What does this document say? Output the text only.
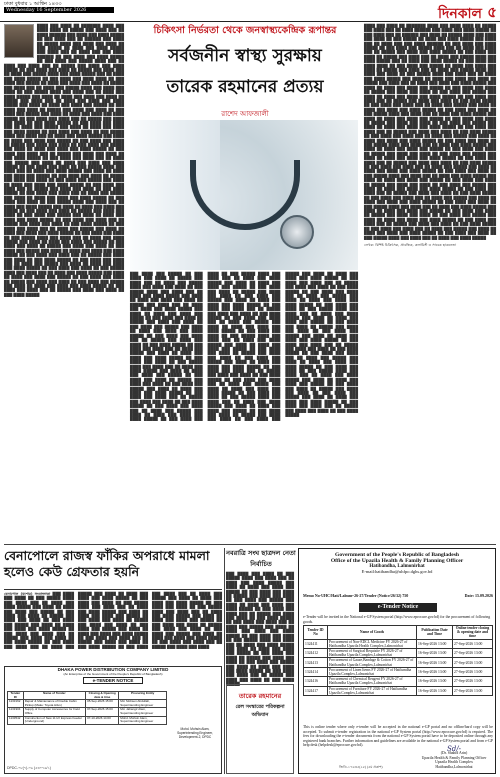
ঢাকা বুধবার ১ আশ্বিন ১৪৩৩

Wednesday 16 September 2026	দিনকাল ৫
████ ███ ████ ██ ███████ ████ ███ ████ ████ ██ █████ ███ ████ ███ ██ ████ ██████ ███ ████ ███ ████ █████ ██ ███ ████ ███ ██ ██████ ███ ████ ██ █████ ████ ███ ████ ███ ████ ██ ███ █████ ██ ████ ███ ████ █████ ███ ████ ███ ██ ████ ███ ███ ████ ██████ ██ ███ ████ ███ ████ █████ ██ ███ ████ ███ █████ ████ ███ ██ ████ ███ ████ ███ ██ █████ ███ ████ ███ ████ █████ ██ ███ ████ ███ ████ ██ █████ ███ ████ ███ ██ ████ ███ █████ ████ ███ ████ █████ ███ ██ ████ ███ ████ █████ ██ ███ ████ ███ ████ ████ ██ ███ ████ ███ █████ ██ ████ ███ ████ ███ ████ ██ █████ ███ ████ ███ ██ ████ ███ █████ ████ ███ ████ ███ ████ ██ ███ █████ ████ ███ ████ ███ ██ ████ ███ ████ █████ ███ ████ ██ ████ ███ ████ ███ ████ ██ █████ ███ ████ ███ ██ ████ ███ ████ ███ ████ █████ ███ ████ ██ ████ ███ ████ ███ █████ ██ ███ ████ ███ ████ ██ █████ ███ ████ ███ ████ ██ ███ ████ ███ █████ ███ ████ ██ ████ ███ ████ ███ ████ █████ ██ ███ ████ ███ ████ ███ ██ █████ ███ ████ ███ ████ ██ ███ ████ █████ ██ ███ ████ ███ ████ ███ ██ ████ ███ █████ ███ ████ ██ ████ ███ ████ ███ ████ █████ ██ ███ ████ ███ ████ ██ ███ █████ ████ ███ ████ ███ ██ ████ ███ ████ █████ ███ ████ ██ ████ ███ ████ ███ █████ ██ ███ ████ ███ ████ ██ █████ ███ ████ ███ ████ ██ ███ ████ ███ █████ ███ ████ ██ ████ ███ ████ ███ ████ █████ ██ ███ ████ ███ ████ ███ ██ █████ ███ ████ ███ ████ ██ ███ ████ █████ ██ ███ ████ ███ ████ ███ ██ ████ ███ █████ ███ ████ ██ ████ ███ ████ ███ ████ █████ ██ ███ ████ ███ ████ ██ ███ █████ ████ ███ ████ ███ ██ ████ ███ ████ █████ ███ ████ ██ ████ ███ ████ ███ █████ ██ ███ ████ ███ ████ ██ █████ ███ ████ ███ ████ ██ ███ ████ ███ █████ ███ ████ ██ ████ ███ ████ ███ ████ █████ ██ ███ ████ ███ ████ ███ ██ █████ ███ ████ ███ ████ ██ ███ ████ █████ ██ ███ ████ ███ ████ ███ ██ ████ ███ █████ ███ ████ ██ ████ ███ ████ ███ ████ █████ ██ ███ ████ ███ ████ ██ ███ █████ ████ ███ ████ ███ ██ ████ ███ ████ █████ ███ ████ ██ ████ ███ ████ ███ █████ ██ ███ ████ ███ ████ ██ █████ ███ ████ ███ ████ ██ ███ ████ ███ █████ ███ ████ ██ ████ ███ ████ ███ ████ █████ ██ ███ ████ ███ ████ ███ ██ █████ ███ ████ ███ ████ ██ ███ ████ █████ ██ ███ ████ ███ ████ ███ ██ ████ ███ █████ ███ ████ ██ ████ ███ ████ ███ ████ █████ ██ ███ ████ ███ ████ ██ ███ █████ ████ ███ ████ ███ ██ ████ ███ ████ █████ ███ ████ ██ ████ ███ ████ ███ █████ ██ ███ ████ ███ ████ ██ █████ ███ ████ ███ ████ ██ ███ ████ ███ █████ ███ ████ ██ ████ ███ ████ ███ ████ █████ ██ ███ ████ ███ ████ ███ ██ █████ ███ ████ ███ ████ ██ ███ ████ █████ ██ ███ ████ ███ ████ ███ ██ ████ ███ █████ ███ ████ ██ ████ ███ ████ ███ ████ █████ ██ ███ ████ ███ ████ ██ ███ █████ ████ ███ ████ ███ ██ ████ ███ ████ █████ ███ ████ ██ ████ ███ ████ ███ █████ ██ ███ ████ ███ ████ ██ █████ ███ ████ ███ ████ ██ ███ ████ ███ █████ ███ ████ ██ ████ ███ ████ ███ ████ █████ ██ ███ ████ ███ ████ ███ ██ █████ ███ ████ ███ ████ ██ ███ ████ █████
চিকিৎসা নির্ভরতা থেকে জনস্বাস্থ্যকেন্দ্রিক রূপান্তর
সর্বজনীন স্বাস্থ্য সুরক্ষায়
তারেক রহমানের প্রত্যয়
রাশেদ আফজালী
███ ████ ███ █████ ██ ███ ████ ███ ████ ██ █████ ███ ████ ███ ██ ████ ███ █████ ████ ███ ████ ███ ████ ██ ███ █████ ████ ███ ████ ███ ██ ████ ███ ████ █████ ███ ████ ██ ████ ███ ████ ███ ████ ██ █████ ███ ████ ███ ██ ████ ███ ████ ███ ████ █████ ███ ████ ██ ████ ███ ████ ███ █████ ██ ███ ████ ███ ████ ██ █████ ███ ████ ███ ████ ██ ███ ████ ███ █████ ███ ████ ██ ████ ███ ████ ███ ████ █████ ██ ███ ████ ███ ████ ███ ██ █████ ███ ████ ███ ████ ██ ███ ████ █████ ██ ███ ████ ███ ████ ███ ██ ████ ███ █████ ███ ████ ██ ████ ███ ████ ███ ████ █████ ██ ███ ████ ███ ████ ██ ███ █████ ████ ███ ████ ███ ██ ████ ███ ████ █████ ███ ████ ██ ████ ███ ████ ███ █████ ██ ███ ████ ███ ████ ██ █████ ███ ████ ███ ████ ██ ███ ████ ███ █████ ███ ████ ██ ████ ███ ████ ███ ████ █████ ██ ███ ████ ███ ████ ███ ██ █████ ███ ████ ███ ████ ██ ███ ████ █████ ██ ███ ████ ███ ████ ███ ██ ████ ███ █████ ███ ████ ██ ████ ███ ████ ███ ████ █████ ██ ███ ████ ███ ████ ██ ███ █████ ████ ███ ████ ███ ██ ████ ███ ████ █████ ███ ████ ██ ████ ███ ████ ███ █████ ██ ███ ████ ███ ████ ██ █████ ███ ████ ███ ████ ██ ███ ████ ███ █████ ███ ████ ██ ████ ███ ████ ███ ████ █████ ██ ███ ████ ███ ████ ███ ██ █████ ███ ████ ███ ████ ██ ███ ████ █████ ██ ███ ████ ███ ████ ███ ██ ████ ███ █████ ███ ████ ██ ████ ███ ████ ███ ████ █████ ██ ███ ████ ███ ████ ██ ███ █████ ████ ███ ████ ███ ██ ████ ███ ████ █████ ███ ████ ██ ████ ███ ████ ███ █████ ██ ███ ████ ███ ████ ██ █████ ███ ████ ███ ████ ██ ███ ████ ███ █████ ███ ████ ██ ████ ███ ████ ███ ████ █████ ██ ███ ████ ███ ████ ███ ██ █████ ███ ████ ███ ████ ██ ███ ████ █████ ██ ███ ████ ███ ████ ███ ██ ████ ███ █████ ███ ████ ██ ████ ███ ████ ███ ████ █████ ██ ███ ████ ███ ████ ██ ███ █████ ████ ███ ████ ███ ██ ████ ███ ████ █████ ███ ████ ██ ████ ███ ████ ███ █████ ██ ███ ████ ███ ████ ██ █████ ███ ████ ███ ████ ██ ███ ████ ███ █████ ███ ████ ██ ████ ███ ████ ███ ████ █████ ██ ███ ████ ███ ████ ███ ██ █████ ███ ████ ███ ████ ██ ███ ████ █████ ██ ███ ████ ███ ████ ███ ██ ████ ███ █████ ███ ████ ██ ████ ███ ████ ███ ████ █████ ██ ███ ████ ███ ████ ██ ███ █████ ████ ███ ████ ███ ██ ████ ███ ████ █████ ███ ████ ██ ████ ███ ████ ███ █████ ██ ███ ████ ███ ████ ██ █████ ███ ████ ███ ████ ██ ███ ████ ███ █████ ███ ████ ██ ████ ███ ████ ███ ████ █████ ██ ███ ████ ███ ████ ███ ██ █████ ███ ████ ███ ████ ██ ███ ████ █████ ██ ███ ████ ███ ████ ███ ██ ████ ███ █████ ███ ████ ██ ████ ███ ████ ███ ████ █████ ██ ███ ████ ███ ████ ██ ███ █████ ████ ███ ████ ███ ██ ████ ███ ████ █████ ███ ████ ██ ████ ███ ████ ███ █████ ██ ███ ████ ███ ████ ██ █████ ███ ████ ███ ████ ██ ███ ████ ███ █████ ███ ████ ██ ████ ███ ████ ███ ████ █████ ██ ███ ████ ███ ████ ███ ██ █████ ███ ████ ███ ████ ██ ███ ████ █████
████ ███ ████ ██ ███████ ████ ███ ████ ████ ██ █████ ███ ████ ███ ██ ████ ██████ ███ ████ ███ ████ █████ ██ ███ ████ ███ ██ ██████ ███ ████ ██ █████ ████ ███ ████ ███ ████ ██ ███ █████ ██ ████ ███ ████ █████ ███ ████ ███ ██ ████ ███ ███ ████ ██████ ██ ███ ████ ███ ████ █████ ██ ███ ████ ███ █████ ████ ███ ██ ████ ███ ████ ███ ██ █████ ███ ████ ███ ████ █████ ██ ███ ████ ███ ████ ██ █████ ███ ████ ███ ██ ████ ███ █████ ████ ███ ████ █████ ███ ██ ████ ███ ████ █████ ██ ███ ████ ███ ████ ████ ██ ███ ████ ███ █████ ██ ████ ███ ████ ███ ████ ██ █████ ███ ████ ███ ██ ████ ███ █████ ████ ███ ████ ███ ████ ██ ███ █████ ████ ███ ████ ███ ██ ████ ███ ████ █████ ███ ████ ██ ████ ███ ████ ███ ████ ██ █████ ███ ████ ███ ██ ████ ███ ████ ███ ████ █████ ███ ████ ██ ████ ███ ████ ███ █████ ██ ███ ████ ███ ████ ██ █████ ███ ████ ███ ████ ██ ███ ████ ███ █████ ███ ████ ██ ████ ███ ████ ███ ████ █████ ██ ███ ████ ███ ████ ███ ██ █████ ███ ████ ███ ████ ██ ███ ████ █████ ██ ███ ████ ███ ████ ███ ██ ████ ███ █████ ███ ████ ██ ████ ███ ████ ███ ████ █████ ██ ███ ████ ███ ████ ██ ███ █████ ████ ███ ████ ███ ██ ████ ███ ████ █████ ███ ████ ██ ████ ███ ████ ███ █████ ██ ███ ████ ███ ████ ██ █████ ███ ████ ███ ████ ██ ███ ████ ███ █████ ███ ████ ██ ████ ███ ████ ███ ████ █████ ██ ███ ████ ███ ████ ███ ██ █████ ███ ████ ███ ████ ██ ███ ████ █████ ██ ███ ████ ███ ████ ███ ██ ████ ███ █████ ███ ████ ██ ████ ███ ████ ███ ████ █████ ██ ███ ████ ███ ████ ██ ███ █████ ████ ███ ████ ███ ██ ████ ███ ████ █████ ███ ████ ██ ████ ███ ████ ███ █████ ██ ███ ████ ███ ████ ██ █████ ███ ████ ███ ████ ██ ███ ████ ███ █████ ███ ████ ██ ████ ███ ████ ███ ████ █████ ██ ███ ████ ███ ████ ███ ██ █████ ███ ████ ███ ████ ██ ███ ████ █████ ██ ███ ████ ███ ████ ███ ██ ████ ███ █████ ███ ████ ██ ████ ███ ████ ███ ████ █████ ██ ███ ████ ███ ████ ██ ███ █████ ████ ███ ████ ███ ██ ████ ███ ████ █████ ███ ████ ██ ████ ███ ████ ███ █████ ██ ███ ████ ███ ████ ██ █████ ███ ████ ███ ████ ██ ███ ████ ███ █████ ███ ████ ██ ████ ███ ████ ███ ████ █████ ██ ███ ████ ███ ████ ███ ██ █████ ███ ████ ███ ████ ██ ███ ████ █████ ██ ███ ████ ███ ████ ███ ██ ████ ███ █████ ███ ████ ██ ████ ███ ████ ███ ████ █████ ██ ███ ████ ███ ████ ██ ███ █████ ████ ███ ████ ███ ██ ████ ███ ████ █████ ███ ████ ██ ████ ███ ████ ███ █████ ██ ███ ████ ███ ████ ██ █████ ███ ████ ███ ████ ██ ███ ████ ███ █████ ███ ████ ██ ████ ███ ████ ███ ████ █████ ██ ███ ████ ███ ████ ███ ██ █████ ███ ████ ███ ████ ██ ███ ████ █████ ██ ███ ████ ███ ████ ███ ██ ████ ███ █████ ███ ████ ██ ████ ███ ████ ███ ████ █████ ██ ███ ████ ███ ████ ██ ███ █████ ████ ███ ████ ███ ██ ████ ███ ████ █████
লেখক: বিশিষ্ট চিকিৎসক, প্রাবন্ধিক, কলামিস্ট ও সাবেক ছাত্রনেতা
বেনাপোলে রাজস্ব ফাঁকির অপরাধে মামলা হলেও কেউ গ্রেফতার হয়নি
বেনাপোল (যশোর) সংবাদদাতা ███ ████ ███ ████ ██ ███ █████ ████ ███ ████ ███ ██ ████ ███ ████ █████ ███ ████ ██ ████ ███ ████ ███ █████ ██ ███ ████ ███ ████ ██ █████ ███ ████ ███ ████ ██ ███ ████ ███ █████ ███ ████ ██ ████ ███ ████ ███ ████ █████ ██ ███ ████ ███ ████ ███ ██ █████ ███ ████ ███ ████ ██ ███ ████ █████ ██ ███ ████ ███ ████ ███ ██ ████ ███ █████ ███ ████ ██ ████ ███ ████ ███ ████ █████ ██ ███ ████ ███ ████ ██ ███ █████ ████ ███ ████ ███ ██ ████ ███ ████ █████ ███ ████ ██ ████ ███ ████ ███ █████ ██ ███ ████ ███ ████ ██ █████ ███ ████ ███ ████ ██ ███ ████ ███ █████ ███ ████ ██ ████ ███ ████ ███ ████ █████ ██ ███ ████ ███ ████ ███ ██ █████ ███ ████ ███ ████ ██ ███ ████ █████ ██ ███ ████ ███ ████ ███ ██ ████ ███ █████ ███ ████ ██ ████ ███ ████ ███ ████ █████ ██ ███ ████ ███ ████ ██ ███ █████ ████ ███ ████ ███ ██ ████ ███ ████ █████ ███ ████ ██ ████ ███ ████ ███ █████ ██ ███ ████ ███ ████ ██ █████ ███ ████ ███ ████ ██ ███ ████ ███ █████ ███ ████ ██ ████ ███ ████ ███ ████ █████ ██ ███ ████ ███ ████ ███ ██ █████ ███ ████ ███ ████
DHAKA POWER DISTRIBUTION COMPANY LIMITED
(An Enterprise of the Government of the People's Republic of Bangladesh)
e-TENDER NOTICE
Tender ID	Name of Tender	Closing & Opening date & time	Procuring Entity
1133162	Repair & Maintenance of Double Cabin Pickup (Make: Toyota Hilux)	05-Sep-2026 15:00	Md. Mohsen Abdullah, Superintending Engineer
1131904	Supply of Computer Accessories for Field Office	07-Sep-2026 15:00	Md. Jahangir Alam, Superintending Engineer
1133542	Construction of New 11 kV Express Feeder (Underground)	07-10-2026 14:00	Mohd. Mohsin Alam, Superintending Engineer
Mohd. Mohsin Alam, Superintending Engineer, Development-2, DPDC
DPDC-০৮(৭)-০৬ (৫৩০৭৬/১)
নবরাত্রি সংঘ ছাত্রদল নেতা নির্বাচিত
███ ████ ███ ████ ██ ███ █████ ████ ███ ████ ███ ██ ████ ███ ████ █████ ███ ████ ██ ████ ███ ████ ███ █████ ██ ███ ████ ███ ████ ██ █████ ███ ████ ███ ████ ██ ███ ████ ███ █████ ███ ████ ██ ████ ███ ████ ███ ████ █████ ██ ███ ████ ███ ████ ███ ██ █████ ███ ████ ███ ████ ██ ███ ████ █████ ██ ███ ████ ███ ████ ███ ██ ████ ███ █████ ███ ████ ██ ████ ███ ████ ███ ████ █████ ██ ███ ████ ███ ████ ██ ███ █████ ████ ███ ████ ███ ██ ████ ███ ████ █████ ███ ████ ██ ████ ███ ████ ███ █████ ██ ███ ████ ███ ████ ██ █████ ███ ████ ███ ████ ██ ███ ████ ███ █████ ███ ████ ██ ████ ███ ████ ███ ████ █████ ██ ███ ████ ███ ████ ███ ██ █████ ███ ████ ███ ████ ██ ███ ████ █████
তারেক রহমানের
রেল সংস্কারের পরিকল্পনা অভিযান
Government of the People's Republic of Bangladesh
Office of the Upazila Health & Family Planning Officer
Hatibandha, Lalmonirhat
E-mail:hatibandha@uhfpo.dghs.gov.bd
Memo No-UHC/Hati/Lalmnr-26-27/Tender (Notice/26/32) 750	Date: 15.09.2026
e-Tender Notice
e-Tender will be invited in the National e-GP System portal (http://www.eprocure.gov.bd) for the procurement of following goods.
Tender ID No	Name of Goods	Publication Date and Time	Online tender closing & opening date and time
1324411	Procurement of Non-EDCL Medicine FY 2026-27 of Hatibandha Upazila Health Complex,Lalmonirhat	16-Sep-2026 13:00	27-Sep-2026 13:00
1324412	Procurement of Surgical Requisite FY 2026-27 of Hatibandha Upazila Complex,Lalmonirhat	16-Sep-2026 13:00	27-Sep-2026 13:00
1324413	Procurement of Gauze,Bandage & Cotton FY 2026-27 of Hatibandha Upazila Complex,Lalmonirhat	16-Sep-2026 13:00	27-Sep-2026 13:00
1324414	Procurement of Linen Items FY 2026-27 of Hatibandha Upazila Complex,Lalmonirhat	16-Sep-2026 13:00	27-Sep-2026 13:00
1324416	Procurement of Chemical Reagent FY 2026-27 of Hatibandha Upazila Complex,Lalmonirhat	16-Sep-2026 13:00	27-Sep-2026 13:00
1324417	Procurement of Furniture FY 2026-27 of Hatibandha Upazila Complex,Lalmonirhat	16-Sep-2026 13:00	27-Sep-2026 13:00
This is online tender where only e-tender will be accepted in the national e-GP portal and no offline/hard copy will be accepted. To submit e-tender registration in the national e-GP System portal (http://www.eprocure.gov.bd) is required. The fees for downloading the e-tender documents from the national e-GP System portal have to be deposited online through any registered bank branches. Further information and guidelines are available in the national e-GP System portal and from e-GP help desk (helpdesk@eprocure.gov.bd).	Sd/-
(Dr. Shahid Arin)
Upazila Health & Family Planning Officer
Upazila Health Complex
Hatibandha,Lalmonirhat
জিডি-১৭৬৩৫(২৫) (৫ম প্রকাশ)
